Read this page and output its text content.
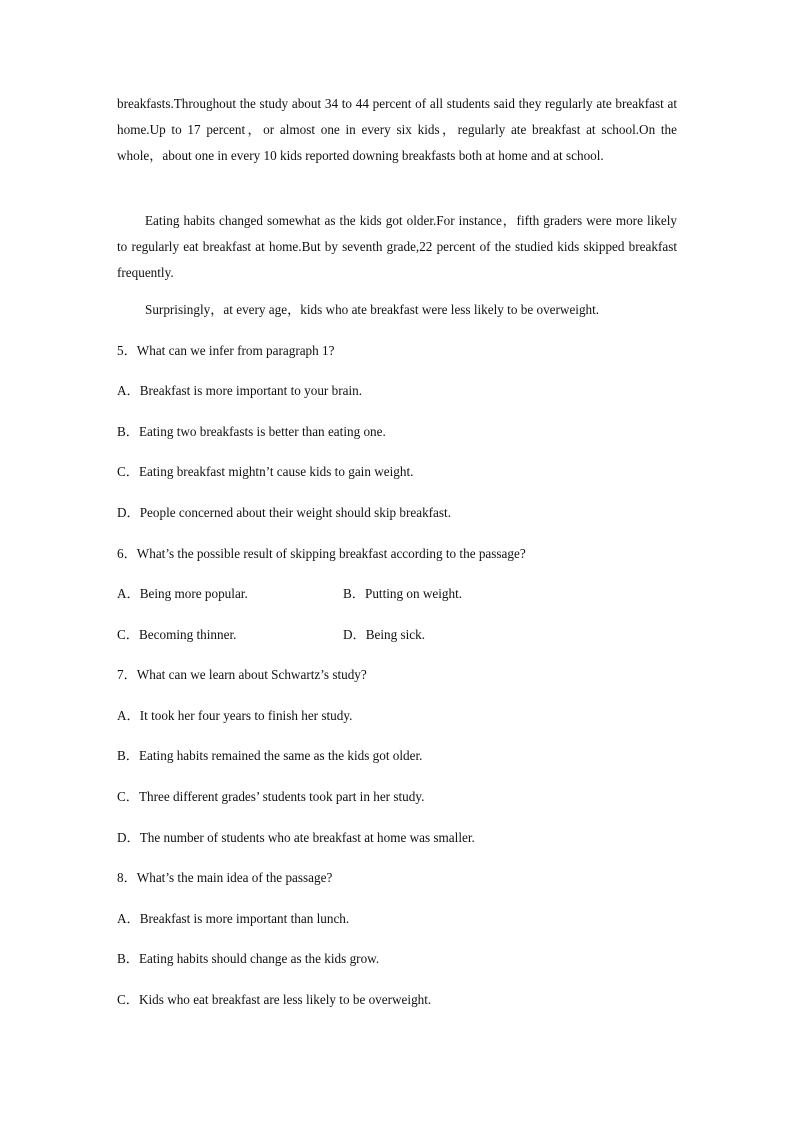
breakfasts.Throughout the study about 34 to 44 percent of all students said they regularly ate breakfast at home.Up to 17 percent，or almost one in every six kids，regularly ate breakfast at school.On the whole，about one in every 10 kids reported downing breakfasts both at home and at school.

Eating habits changed somewhat as the kids got older.For instance，fifth graders were more likely to regularly eat breakfast at home.But by seventh grade,22 percent of the studied kids skipped breakfast frequently.

Surprisingly，at every age，kids who ate breakfast were less likely to be overweight.

5．What can we infer from paragraph 1?
A．Breakfast is more important to your brain.
B．Eating two breakfasts is better than eating one.
C．Eating breakfast mightn’t cause kids to gain weight.
D．People concerned about their weight should skip breakfast.
6．What’s the possible result of skipping breakfast according to the passage?
A．Being more popular.	B．Putting on weight.
C．Becoming thinner.	D．Being sick.
7．What can we learn about Schwartz’s study?
A．It took her four years to finish her study.
B．Eating habits remained the same as the kids got older.
C．Three different grades’ students took part in her study.
D．The number of students who ate breakfast at home was smaller.
8．What’s the main idea of the passage?
A．Breakfast is more important than lunch.
B．Eating habits should change as the kids grow.
C．Kids who eat breakfast are less likely to be overweight.
